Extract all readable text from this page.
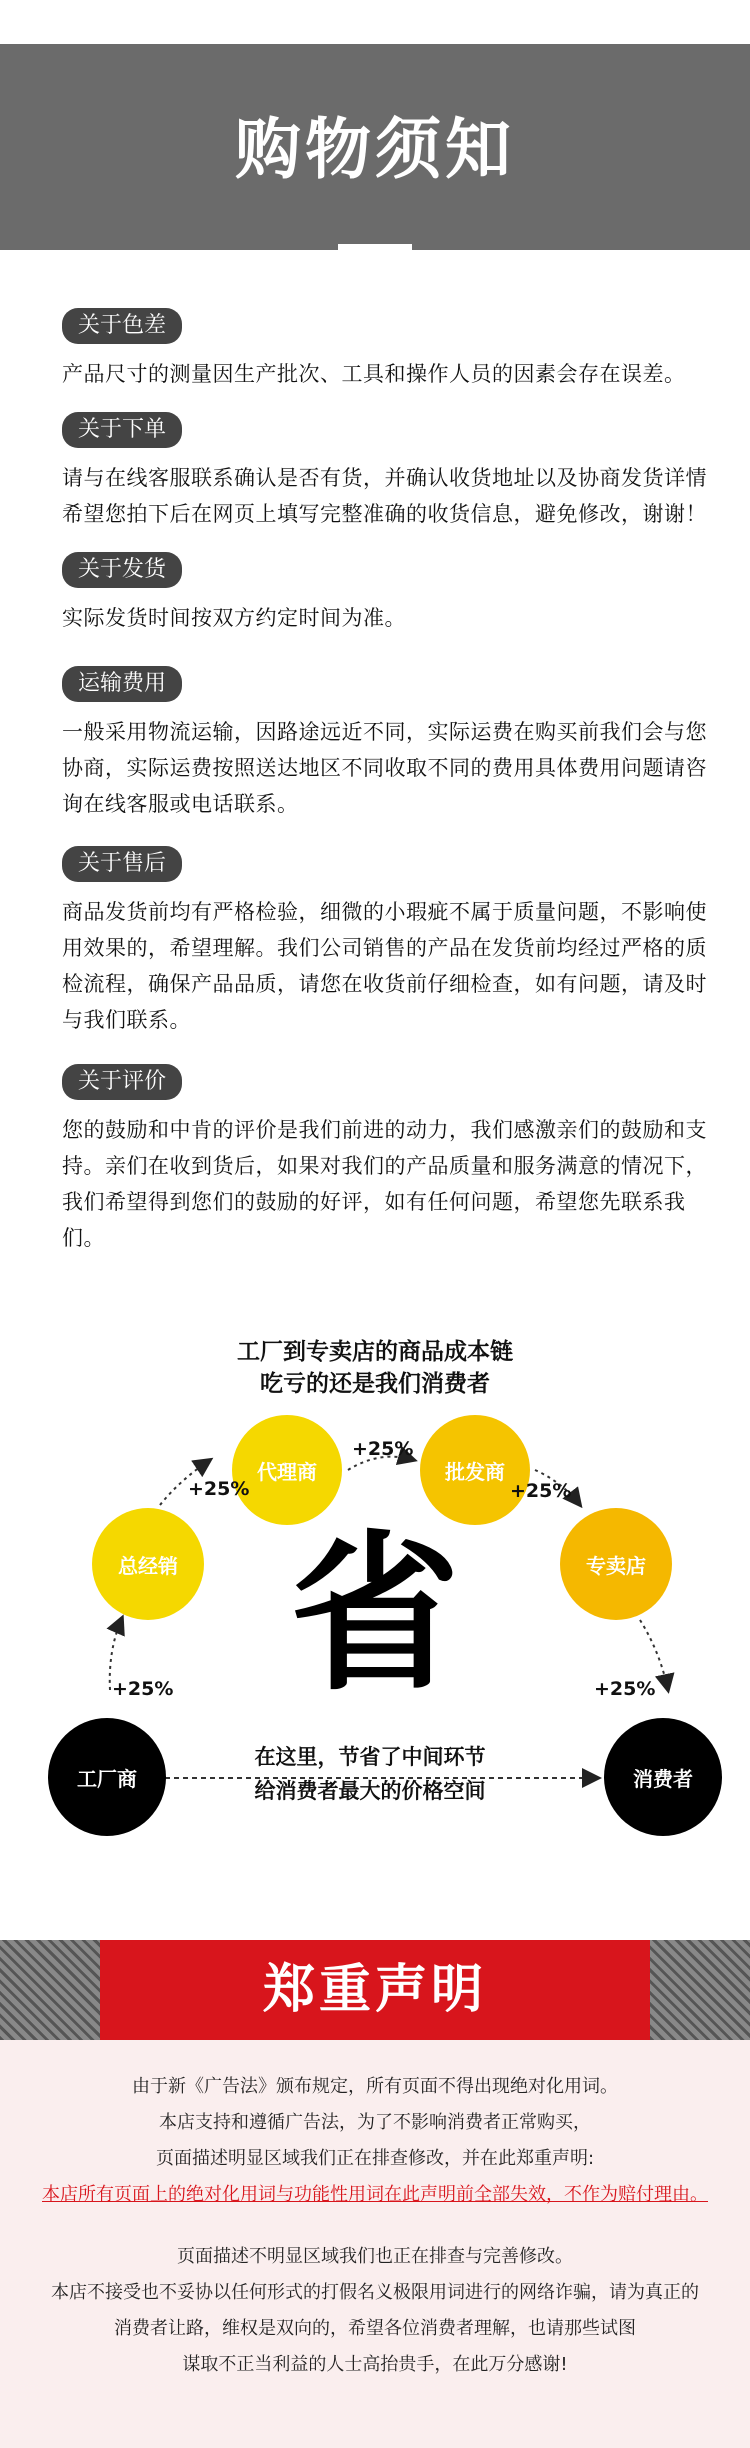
购物须知
关于色差
产品尺寸的测量因生产批次、工具和操作人员的因素会存在误差。
关于下单
请与在线客服联系确认是否有货，并确认收货地址以及协商发货详情
希望您拍下后在网页上填写完整准确的收货信息，避免修改，谢谢！
关于发货
实际发货时间按双方约定时间为准。
运输费用
一般采用物流运输，因路途远近不同，实际运费在购买前我们会与您
协商，实际运费按照送达地区不同收取不同的费用具体费用问题请咨
询在线客服或电话联系。
关于售后
商品发货前均有严格检验，细微的小瑕疵不属于质量问题，不影响使
用效果的，希望理解。我们公司销售的产品在发货前均经过严格的质
检流程，确保产品品质，请您在收货前仔细检查，如有问题，请及时
与我们联系。
关于评价
您的鼓励和中肯的评价是我们前进的动力，我们感激亲们的鼓励和支
持。亲们在收到货后，如果对我们的产品质量和服务满意的情况下，
我们希望得到您们的鼓励的好评，如有任何问题，希望您先联系我们。
工厂到专卖店的商品成本链
吃亏的还是我们消费者
工厂商
总经销
代理商	批发商
专卖店
消费者
+25%
+25%
+25%
+25%
+25%
省
在这里，节省了中间环节
给消费者最大的价格空间
郑重声明
由于新《广告法》颁布规定，所有页面不得出现绝对化用词。
本店支持和遵循广告法，为了不影响消费者正常购买，
页面描述明显区域我们正在排查修改，并在此郑重声明:
本店所有页面上的绝对化用词与功能性用词在此声明前全部失效，不作为赔付理由。
页面描述不明显区域我们也正在排查与完善修改。
本店不接受也不妥协以任何形式的打假名义极限用词进行的网络诈骗，请为真正的
消费者让路，维权是双向的，希望各位消费者理解，也请那些试图
谋取不正当利益的人士高抬贵手，在此万分感谢!
